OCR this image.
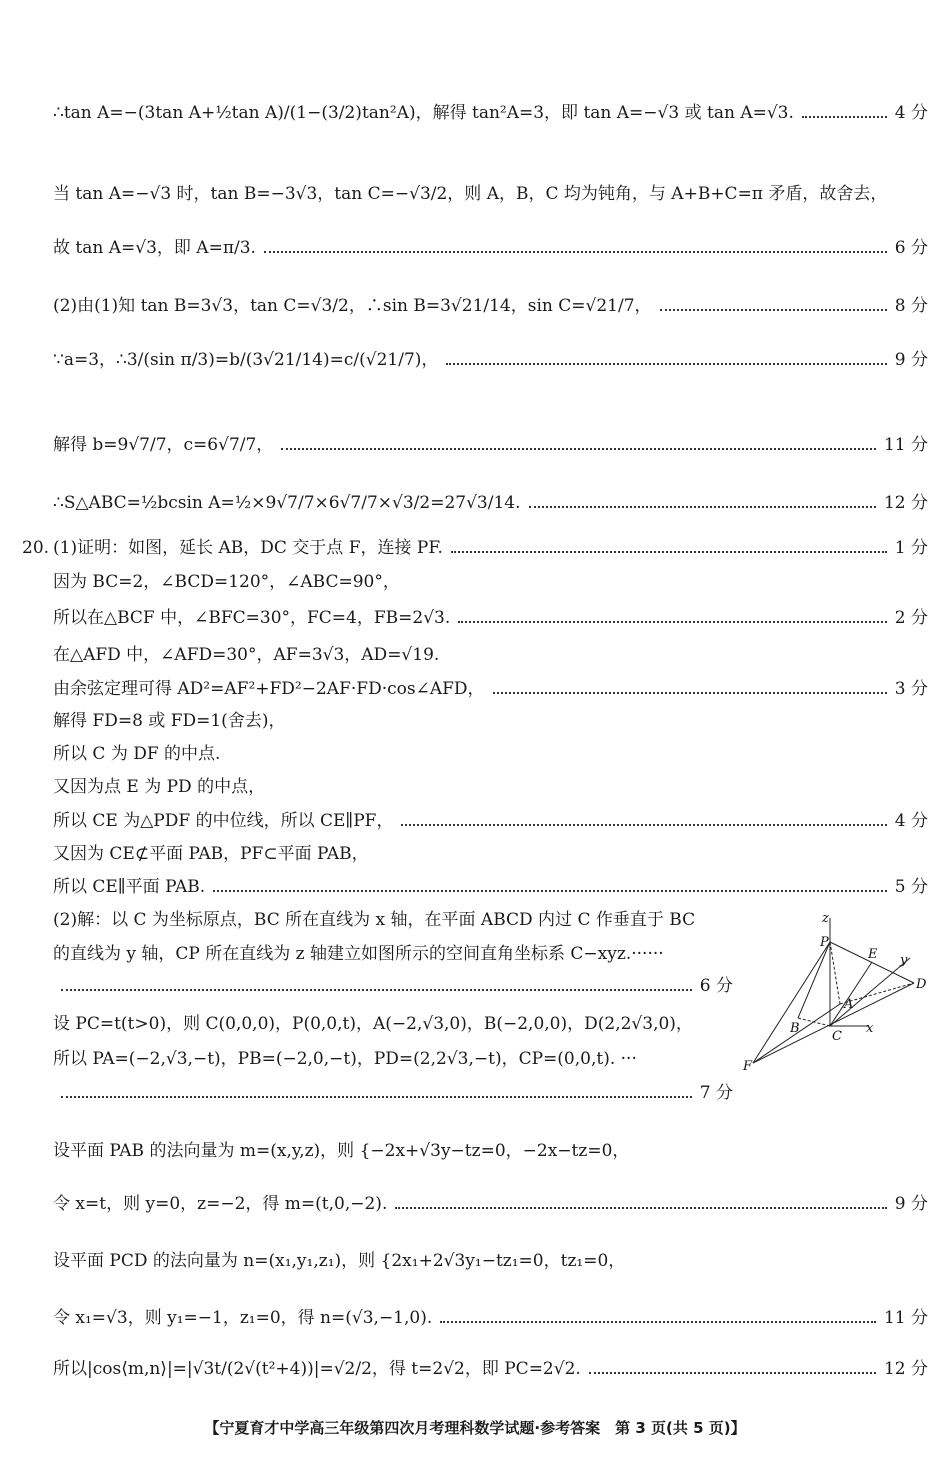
∴tan A=−(3tan A+½tan A)/(1−(3/2)tan²A)，解得 tan²A=3，即 tan A=−√3 或 tan A=√3.	4 分
当 tan A=−√3 时，tan B=−3√3，tan C=−√3/2，则 A，B，C 均为钝角，与 A+B+C=π 矛盾，故舍去，
故 tan A=√3，即 A=π/3.	6 分
(2)由(1)知 tan B=3√3，tan C=√3/2，∴sin B=3√21/14，sin C=√21/7，	8 分
∵a=3，∴3/(sin π/3)=b/(3√21/14)=c/(√21/7)，	9 分
解得 b=9√7/7，c=6√7/7，	11 分
∴S△ABC=½bcsin A=½×9√7/7×6√7/7×√3/2=27√3/14.	12 分
20. (1)证明：如图，延长 AB，DC 交于点 F，连接 PF.	1 分
因为 BC=2，∠BCD=120°，∠ABC=90°，
所以在△BCF 中，∠BFC=30°，FC=4，FB=2√3.	2 分
在△AFD 中，∠AFD=30°，AF=3√3，AD=√19.
由余弦定理可得 AD²=AF²+FD²−2AF·FD·cos∠AFD，	3 分
解得 FD=8 或 FD=1(舍去)，
所以 C 为 DF 的中点.
又因为点 E 为 PD 的中点，
所以 CE 为△PDF 的中位线，所以 CE∥PF，	4 分
又因为 CE⊄平面 PAB，PF⊂平面 PAB，
所以 CE∥平面 PAB.	5 分
(2)解：以 C 为坐标原点，BC 所在直线为 x 轴，在平面 ABCD 内过 C 作垂直于 BC
的直线为 y 轴，CP 所在直线为 z 轴建立如图所示的空间直角坐标系 C−xyz.······
6 分
设 PC=t(t>0)，则 C(0,0,0)，P(0,0,t)，A(−2,√3,0)，B(−2,0,0)，D(2,2√3,0)，
所以 PA=(−2,√3,−t)，PB=(−2,0,−t)，PD=(2,2√3,−t)，CP=(0,0,t). ···
7 分
设平面 PAB 的法向量为 m=(x,y,z)，则 {−2x+√3y−tz=0，−2x−tz=0，
令 x=t，则 y=0，z=−2，得 m=(t,0,−2).	9 分
设平面 PCD 的法向量为 n=(x₁,y₁,z₁)，则 {2x₁+2√3y₁−tz₁=0，tz₁=0，
令 x₁=√3，则 y₁=−1，z₁=0，得 n=(√3,−1,0).	11 分
所以|cos⟨m,n⟩|=|√3t/(2√(t²+4))|=√2/2，得 t=2√2，即 PC=2√2.	12 分
z
P
E y
D
A
B
C
x
F
【宁夏育才中学高三年级第四次月考理科数学试题·参考答案　第 3 页(共 5 页)】
